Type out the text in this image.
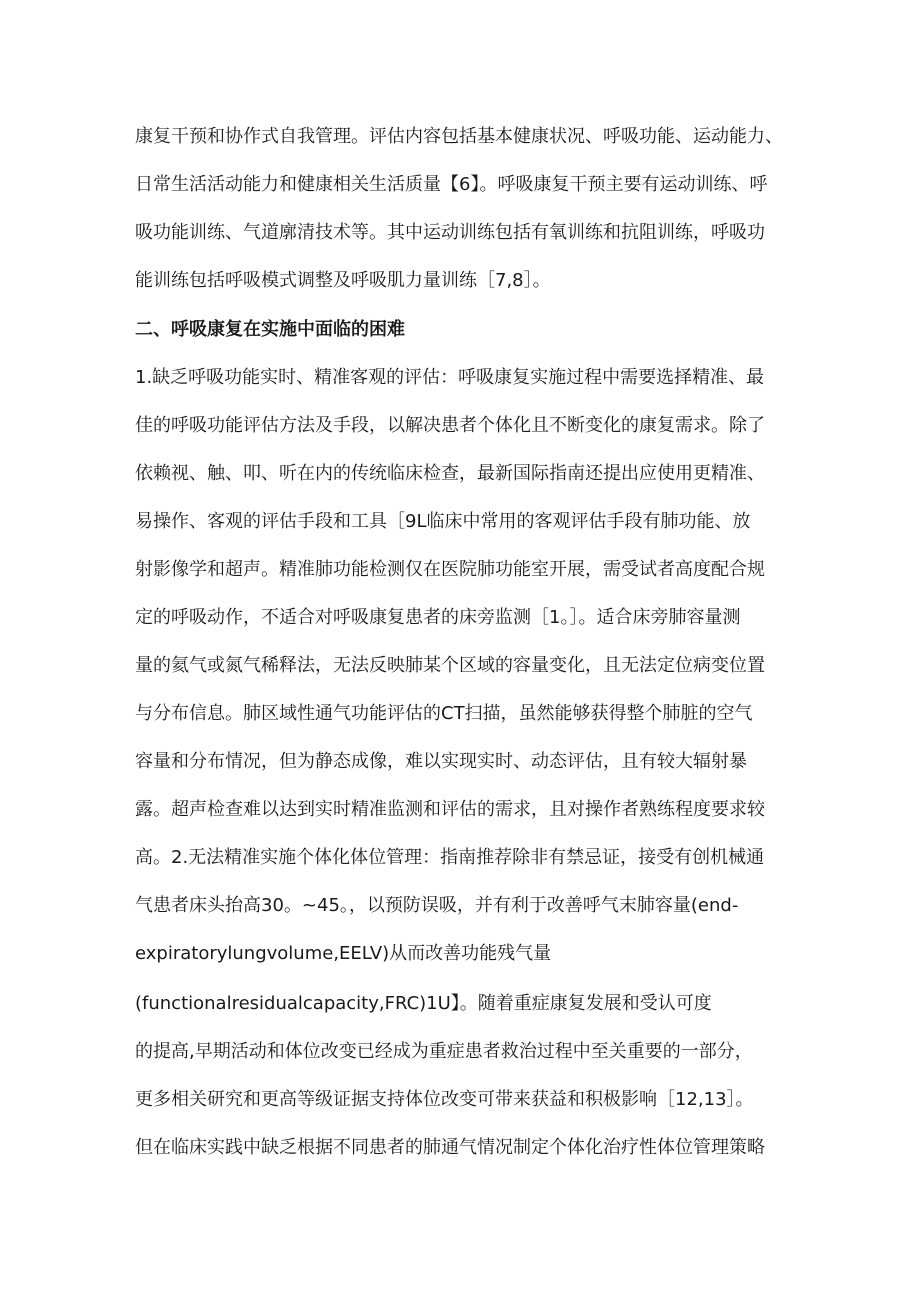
康复干预和协作式自我管理。评估内容包括基本健康状况、呼吸功能、运动能力、
日常生活活动能力和健康相关生活质量【6】。呼吸康复干预主要有运动训练、呼
吸功能训练、气道廓清技术等。其中运动训练包括有氧训练和抗阻训练，呼吸功
能训练包括呼吸模式调整及呼吸肌力量训练［7,8］。
二、呼吸康复在实施中面临的困难
1.缺乏呼吸功能实时、精准客观的评估：呼吸康复实施过程中需要选择精准、最
佳的呼吸功能评估方法及手段，以解决患者个体化且不断变化的康复需求。除了
依赖视、触、叩、听在内的传统临床检查，最新国际指南还提出应使用更精准、
易操作、客观的评估手段和工具［9L临床中常用的客观评估手段有肺功能、放
射影像学和超声。精准肺功能检测仅在医院肺功能室开展，需受试者高度配合规
定的呼吸动作，不适合对呼吸康复患者的床旁监测［1。］。适合床旁肺容量测
量的氦气或氮气稀释法，无法反映肺某个区域的容量变化，且无法定位病变位置
与分布信息。肺区域性通气功能评估的CT扫描，虽然能够获得整个肺脏的空气
容量和分布情况，但为静态成像，难以实现实时、动态评估，且有较大辐射暴
露。超声检查难以达到实时精准监测和评估的需求，且对操作者熟练程度要求较
高。2.无法精准实施个体化体位管理：指南推荐除非有禁忌证，接受有创机械通
气患者床头抬高30。~45。，以预防误吸，并有利于改善呼气末肺容量(end-
expiratorylungvolume,EELV)从而改善功能残气量
(functionalresidualcapacity,FRC)1U】。随着重症康复发展和受认可度
的提高,早期活动和体位改变已经成为重症患者救治过程中至关重要的一部分，
更多相关研究和更高等级证据支持体位改变可带来获益和积极影响［12,13］。
但在临床实践中缺乏根据不同患者的肺通气情况制定个体化治疗性体位管理策略
